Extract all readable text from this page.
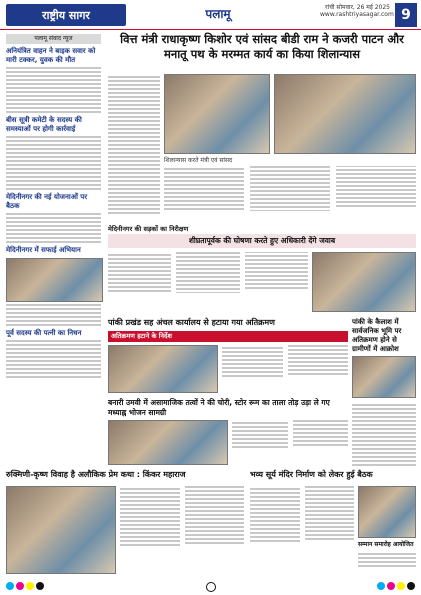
राष्ट्रीय सागर	पलामू	रांची सोमवार, 26 मई 2025
www.rashtriyasagar.com 9
पलामू संवाद न्यूज
अनियंत्रित वाहन ने बाइक सवार को मारी टक्कर, युवक की मौत
बीस सूत्री कमेटी के सदस्य की समस्याओं पर होगी कार्रवाई
मेदिनीनगर की नई योजनाओं पर बैठक
मेदिनीनगर में सफाई अभियान
पूर्व सदस्य की पत्नी का निधन
वित्त मंत्री राधाकृष्ण किशोर एवं सांसद बीडी राम ने कजरी पाटन और मनातू पथ के मरम्मत कार्य का किया शिलान्यास
शिलान्यास करते मंत्री एवं सांसद
मेदिनीनगर की सड़कों का निरीक्षण
शीघ्रतापूर्वक की घोषणा करते हुए अधिकारी देंगे जवाब
पांकी प्रखंड सह अंचल कार्यालय से हटाया गया अतिक्रमण
अतिक्रमण हटाने के निर्देश
पांकी के कैलाश में सार्वजनिक भूमि पर अतिक्रमण होने से ग्रामीणों में आक्रोश
बनारी उमवी में असामाजिक तत्वों ने की चोरी, स्टोर रूम का ताला तोड़ उड़ा ले गए मध्याह्न भोजन सामग्री
रुक्मिणी-कृष्ण विवाह है अलौकिक प्रेम कथा : किंकर महाराज	भव्य सूर्य मंदिर निर्माण को लेकर हुई बैठक
सम्मान समारोह आयोजित
